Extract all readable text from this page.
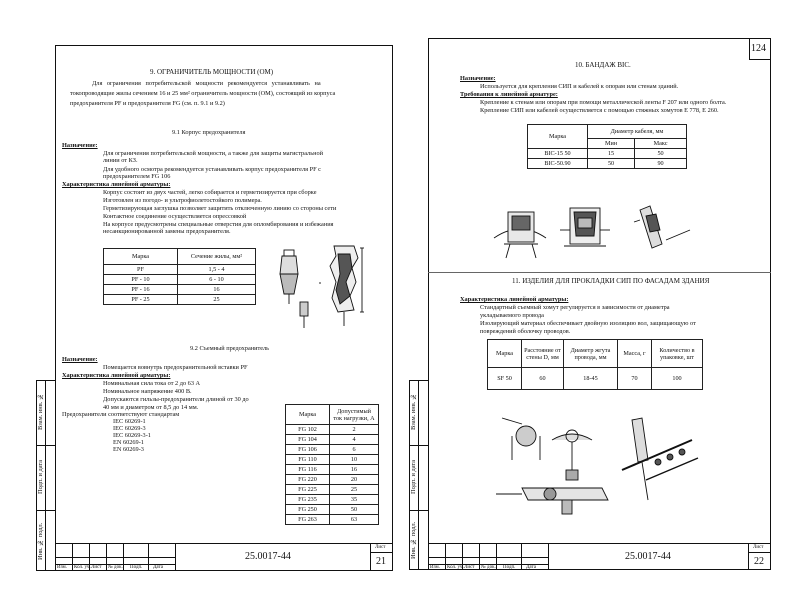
Взам. инв. №
Подп. и дата
Инв. № подл.
9. ОГРАНИЧИТЕЛЬ МОЩНОСТИ (ОМ)
Для ограничения потребительской мощности рекомендуется устанавливать на
токопроводящие жилы сечением 16 и 25 мм² ограничитель мощности (ОМ), состоящий из корпуса
предохранителя PF и предохранителя FG (см. п. 9.1 и 9.2)
9.1 Корпус предохранителя
Назначение:
Для ограничения потребительской мощности, а также для защиты магистральной
линии от КЗ.
Для удобного осмотра рекомендуется устанавливать корпус предохранителя PF с
предохранителем FG 106
Характеристика линейной арматуры:
Корпус состоит из двух частей, легко собирается и герметизируется при сборке
Изготовлен из погодо- и ультрофиолетостойкого полимера.
Герметизирующая заглушка позволяет защитить отключенную линию со стороны сети
Контактное соединение осуществляется опрессовкой
На корпусе предусмотрены специальные отверстия для опломбирования и избежания
несанкционированной замены предохранителя.
Марка	Сечение жилы, мм²
PF	1,5 - 4
PF - 10	6 - 10
PF - 16	16
PF - 25	25
9.2 Съемный предохранитель
Назначение:
Помещается вовнутрь предохранительной вставки PF
Характеристика линейной арматуры:
Номинальная сила тока от 2 до 63 А
Номинальное напряжение 400 В.
Допускаются гильзы-предохранители длиной от 30 до
40 мм и диаметром от 8,5 до 14 мм.
Предохранители соответствуют стандартам
IEC 60269-1
IEC 60269-3
IEC 60269-3-1
EN 60269-1
EN 60269-3
Марка	Допустимый ток нагрузки, А
FG 102	2
FG 104	4
FG 106	6
FG 110	10
FG 116	16
FG 220	20
FG 225	25
FG 235	35
FG 250	50
FG 263	63
Изм. Кол. уч. Лист № док. Подп. Дата
25.0017-44
Лист
21
124
Взам. инв. №
Подп. и дата
Инв. № подл.
10. БАНДАЖ BIC.
Назначение:
Используется для крепления СИП и кабелей к опорам или стенам зданий.
Требования к линейной арматуре:
Крепление к стенам или опорам при помощи металлической ленты F 207 или одного болта.
Крепление СИП или кабелей осуществляется с помощью стяжных хомутов E 778, E 260.
Марка	Диаметр кабеля, мм	
	Мин	Макс
BIC-15 50	15	50
BIC-50.90	50	90
11. ИЗДЕЛИЯ ДЛЯ ПРОКЛАДКИ СИП ПО ФАСАДАМ ЗДАНИЯ
Характеристика линейной арматуры:
Стандартный съемный хомут регулируется в зависимости от диаметра
укладываемого провода
Изолирующий материал обеспечивает двойную изоляцию вол, защищающую от
повреждений оболочку проводов.
Марка	Расстояние от стены D, мм	Диаметр жгута провода, мм	Масса, г	Количество в упаковке, шт
SF 50	60	18-45	70	100
Изм. Кол. уч. Лист № док. Подп. Дата
25.0017-44
Лист
22
